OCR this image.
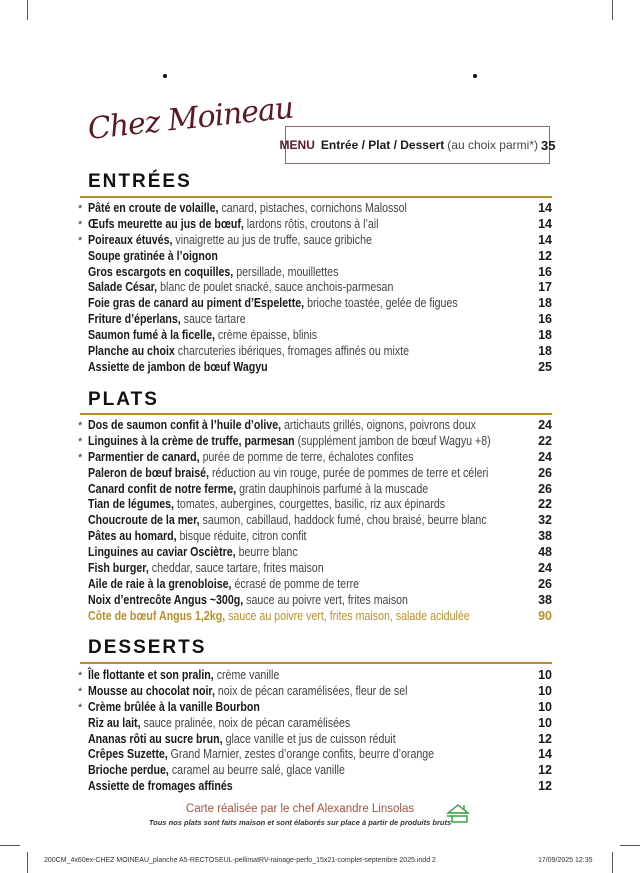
Chez Moineau
MENU Entrée / Plat / Dessert (au choix parmi*) 35
ENTRÉES
* Pâté en croute de volaille, canard, pistaches, cornichons Malossol	14
* Œufs meurette au jus de bœuf, lardons rôtis, croutons à l’ail	14
* Poireaux étuvés, vinaigrette au jus de truffe, sauce gribiche	14
Soupe gratinée à l’oignon	12
Gros escargots en coquilles, persillade, mouillettes	16
Salade César, blanc de poulet snacké, sauce anchois-parmesan	17
Foie gras de canard au piment d’Espelette, brioche toastée, gelée de figues	18
Friture d’éperlans, sauce tartare	16
Saumon fumé à la ficelle, crème épaisse, blinis	18
Planche au choix charcuteries ibériques, fromages affinés ou mixte	18
Assiette de jambon de bœuf Wagyu	25
PLATS
* Dos de saumon confit à l’huile d’olive, artichauts grillés, oignons, poivrons doux	24
* Linguines à la crème de truffe, parmesan (supplément jambon de bœuf Wagyu +8)	22
* Parmentier de canard, purée de pomme de terre, échalotes confites	24
Paleron de bœuf braisé, réduction au vin rouge, purée de pommes de terre et céleri	26
Canard confit de notre ferme, gratin dauphinois parfumé à la muscade	26
Tian de légumes, tomates, aubergines, courgettes, basilic, riz aux épinards	22
Choucroute de la mer, saumon, cabillaud, haddock fumé, chou braisé, beurre blanc	32
Pâtes au homard, bisque réduite, citron confit	38
Linguines au caviar Osciètre, beurre blanc	48
Fish burger, cheddar, sauce tartare, frites maison	24
Aile de raie à la grenobloise, écrasé de pomme de terre	26
Noix d’entrecôte Angus ~300g, sauce au poivre vert, frites maison	38
Côte de bœuf Angus 1,2kg, sauce au poivre vert, frites maison, salade acidulée	90
DESSERTS
* Île flottante et son pralin, crème vanille	10
* Mousse au chocolat noir, noix de pécan caramélisées, fleur de sel	10
* Crème brûlée à la vanille Bourbon	10
Riz au lait, sauce pralinée, noix de pécan caramélisées	10
Ananas rôti au sucre brun, glace vanille et jus de cuisson réduit	12
Crêpes Suzette, Grand Marnier, zestes d’orange confits, beurre d’orange	14
Brioche perdue, caramel au beurre salé, glace vanille	12
Assiette de fromages affinés	12
Carte réalisée par le chef Alexandre Linsolas
Tous nos plats sont faits maison et sont élaborés sur place à partir de produits bruts
200CM_4x60ex-CHEZ MOINEAU_planche A5-RECTOSEUL-pellimatRV-rainage-perfo_15x21-complet-septembre 2025.indd 2	17/09/2025 12:35
